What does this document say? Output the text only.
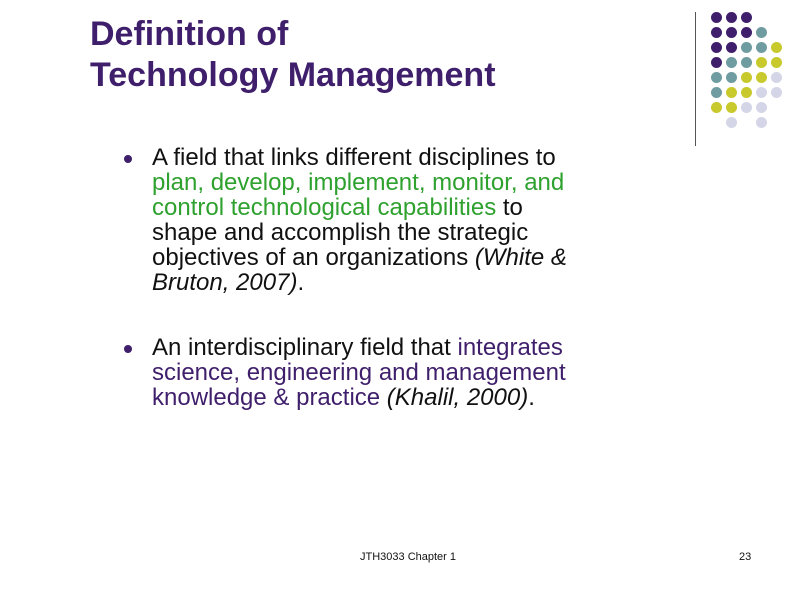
Definition of
Technology Management
A field that links different disciplines to
plan, develop, implement, monitor, and
control technological capabilities to
shape and accomplish the strategic
objectives of an organizations (White &
Bruton, 2007).
An interdisciplinary field that integrates
science, engineering and management
knowledge & practice (Khalil, 2000).
JTH3033 Chapter 1	23
